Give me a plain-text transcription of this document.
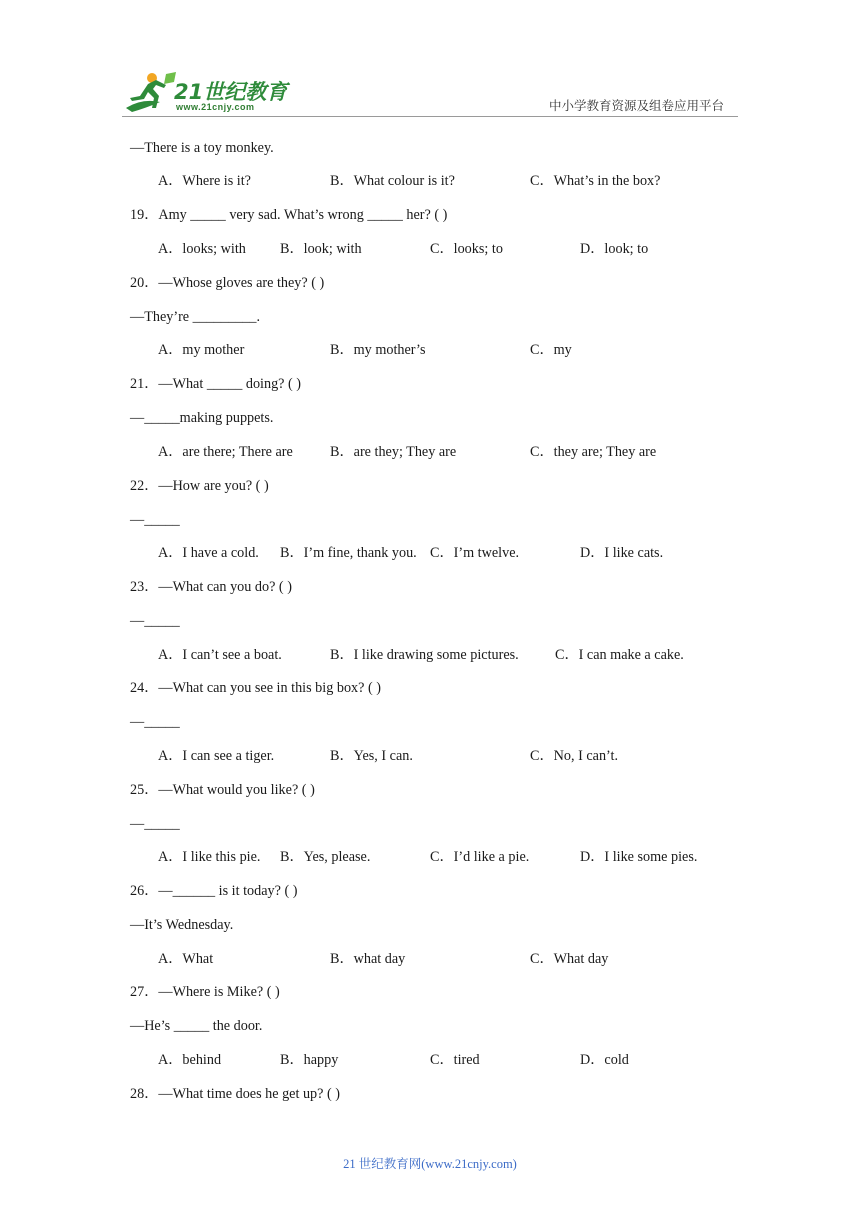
21世纪教育
www.21cnjy.com	中小学教育资源及组卷应用平台
—There is a toy monkey.
A．Where is it?	B．What colour is it?	C．What’s in the box?
19．Amy _____ very sad. What’s wrong _____ her? ( )
A．looks; with B．look; with	C．looks; to	D．look; to
20．—Whose gloves are they? ( )
—They’re _________.
A．my mother	B．my mother’s	C．my
21．—What _____ doing? ( )
—_____making puppets.
A．are there; There are	B．are they; They are	C．they are; They are
22．—How are you? ( )
—_____
A．I have a cold. B．I’m fine, thank you. C．I’m twelve.	D．I like cats.
23．—What can you do? ( )
—_____
A．I can’t see a boat.	B．I like drawing some pictures.	C．I can make a cake.
24．—What can you see in this big box? ( )
—_____
A．I can see a tiger.	B．Yes, I can.	C．No, I can’t.
25．—What would you like? ( )
—_____
A．I like this pie. B．Yes, please.	C．I’d like a pie.	D．I like some pies.
26．—______ is it today? ( )
—It’s Wednesday.
A．What	B．what day	C．What day
27．—Where is Mike? ( )
—He’s _____ the door.
A．behind	B．happy	C．tired	D．cold
28．—What time does he get up? ( )
21 世纪教育网(www.21cnjy.com)
